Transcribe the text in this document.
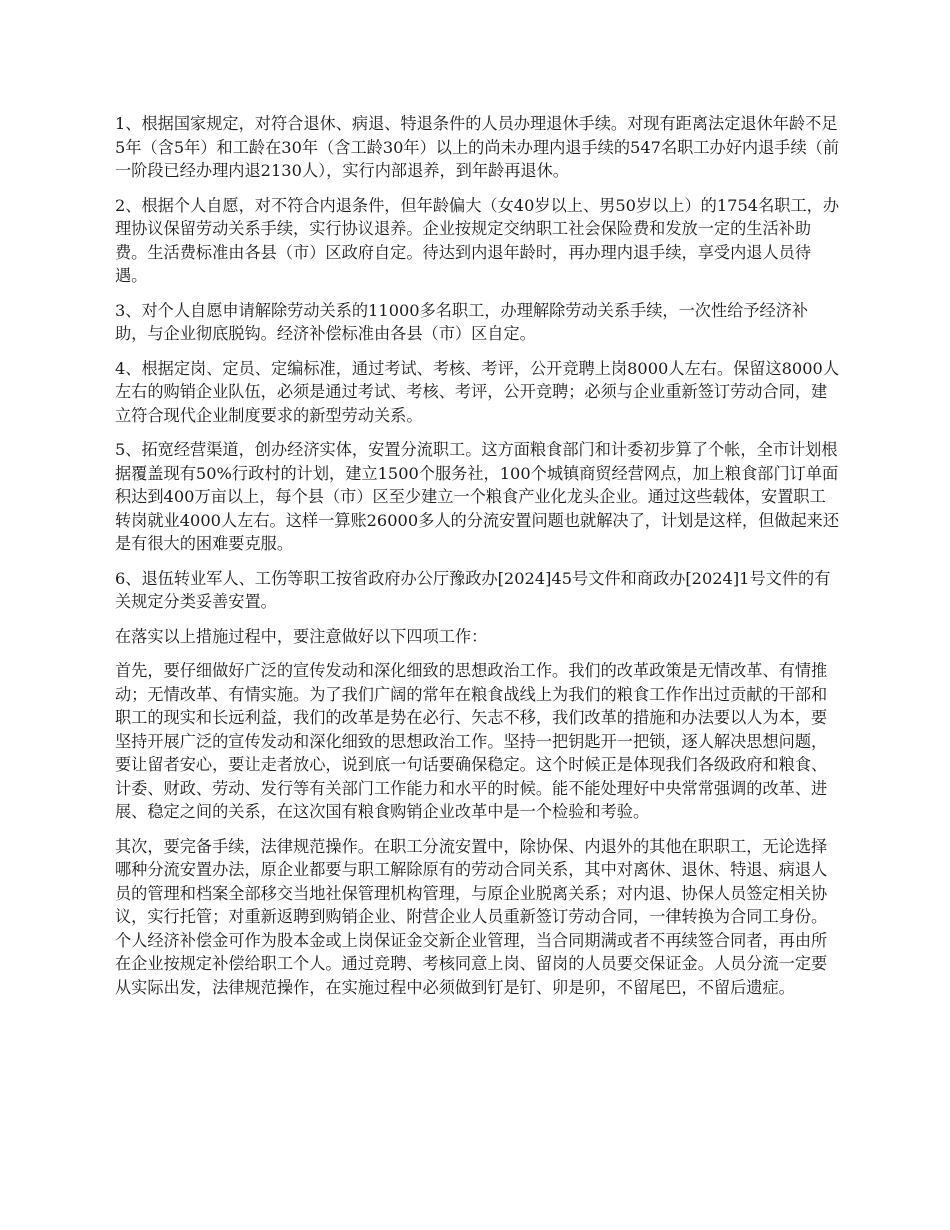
1、根据国家规定，对符合退休、病退、特退条件的人员办理退休手续。对现有距离法定退休年龄不足5年（含5年）和工龄在30年（含工龄30年）以上的尚未办理内退手续的547名职工办好内退手续（前一阶段已经办理内退2130人），实行内部退养，到年龄再退休。

2、根据个人自愿，对不符合内退条件，但年龄偏大（女40岁以上、男50岁以上）的1754名职工，办理协议保留劳动关系手续，实行协议退养。企业按规定交纳职工社会保险费和发放一定的生活补助费。生活费标准由各县（市）区政府自定。待达到内退年龄时，再办理内退手续，享受内退人员待遇。

3、对个人自愿申请解除劳动关系的11000多名职工，办理解除劳动关系手续，一次性给予经济补助，与企业彻底脱钩。经济补偿标准由各县（市）区自定。

4、根据定岗、定员、定编标准，通过考试、考核、考评，公开竞聘上岗8000人左右。保留这8000人左右的购销企业队伍，必须是通过考试、考核、考评，公开竞聘；必须与企业重新签订劳动合同，建立符合现代企业制度要求的新型劳动关系。

5、拓宽经营渠道，创办经济实体，安置分流职工。这方面粮食部门和计委初步算了个帐，全市计划根据覆盖现有50%行政村的计划，建立1500个服务社，100个城镇商贸经营网点，加上粮食部门订单面积达到400万亩以上，每个县（市）区至少建立一个粮食产业化龙头企业。通过这些载体，安置职工转岗就业4000人左右。这样一算账26000多人的分流安置问题也就解决了，计划是这样，但做起来还是有很大的困难要克服。

6、退伍转业军人、工伤等职工按省政府办公厅豫政办[2024]45号文件和商政办[2024]1号文件的有关规定分类妥善安置。

在落实以上措施过程中，要注意做好以下四项工作：

首先，要仔细做好广泛的宣传发动和深化细致的思想政治工作。我们的改革政策是无情改革、有情推动；无情改革、有情实施。为了我们广阔的常年在粮食战线上为我们的粮食工作作出过贡献的干部和职工的现实和长远利益，我们的改革是势在必行、矢志不移，我们改革的措施和办法要以人为本，要坚持开展广泛的宣传发动和深化细致的思想政治工作。坚持一把钥匙开一把锁，逐人解决思想问题，要让留者安心，要让走者放心，说到底一句话要确保稳定。这个时候正是体现我们各级政府和粮食、计委、财政、劳动、发行等有关部门工作能力和水平的时候。能不能处理好中央常常强调的改革、进展、稳定之间的关系，在这次国有粮食购销企业改革中是一个检验和考验。

其次，要完备手续，法律规范操作。在职工分流安置中，除协保、内退外的其他在职职工，无论选择哪种分流安置办法，原企业都要与职工解除原有的劳动合同关系，其中对离休、退休、特退、病退人员的管理和档案全部移交当地社保管理机构管理，与原企业脱离关系；对内退、协保人员签定相关协议，实行托管；对重新返聘到购销企业、附营企业人员重新签订劳动合同，一律转换为合同工身份。个人经济补偿金可作为股本金或上岗保证金交新企业管理，当合同期满或者不再续签合同者，再由所在企业按规定补偿给职工个人。通过竞聘、考核同意上岗、留岗的人员要交保证金。人员分流一定要从实际出发，法律规范操作，在实施过程中必须做到钉是钉、卯是卯，不留尾巴，不留后遗症。
